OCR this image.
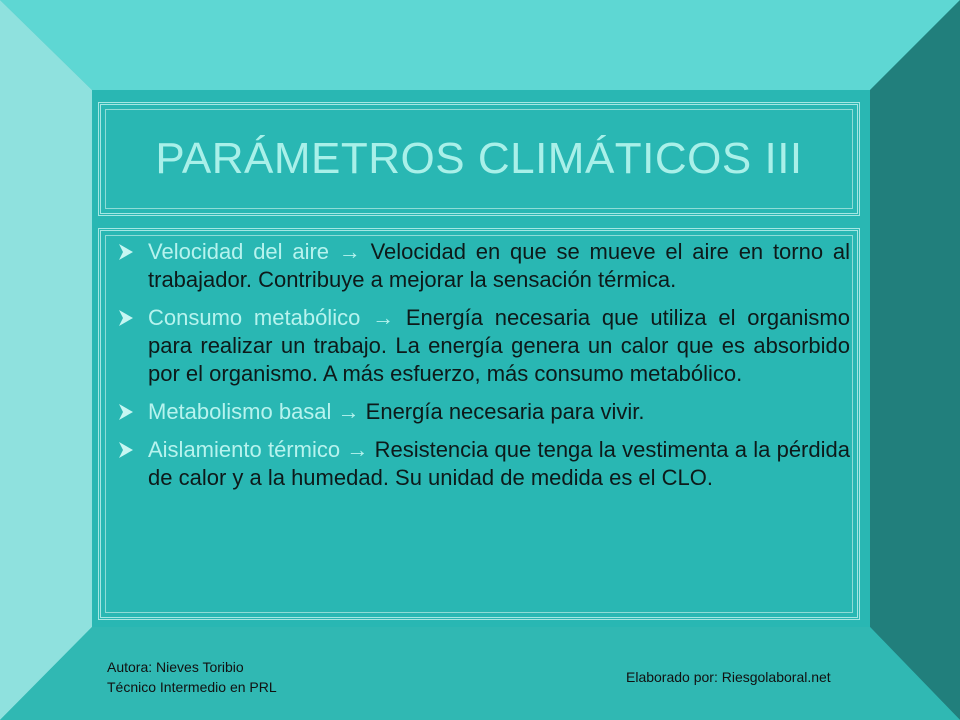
PARÁMETROS CLIMÁTICOS III
Velocidad del aire → Velocidad en que se mueve el aire en torno al trabajador. Contribuye a mejorar la sensación térmica.
Consumo metabólico → Energía necesaria que utiliza el organismo para realizar un trabajo. La energía genera un calor que es absorbido por el organismo. A más esfuerzo, más consumo metabólico.
Metabolismo basal → Energía necesaria para vivir.
Aislamiento térmico → Resistencia que tenga la vestimenta a la pérdida de calor y a la humedad. Su unidad de medida es el CLO.
Autora: Nieves Toribio
Técnico Intermedio en PRL
Elaborado por: Riesgolaboral.net
